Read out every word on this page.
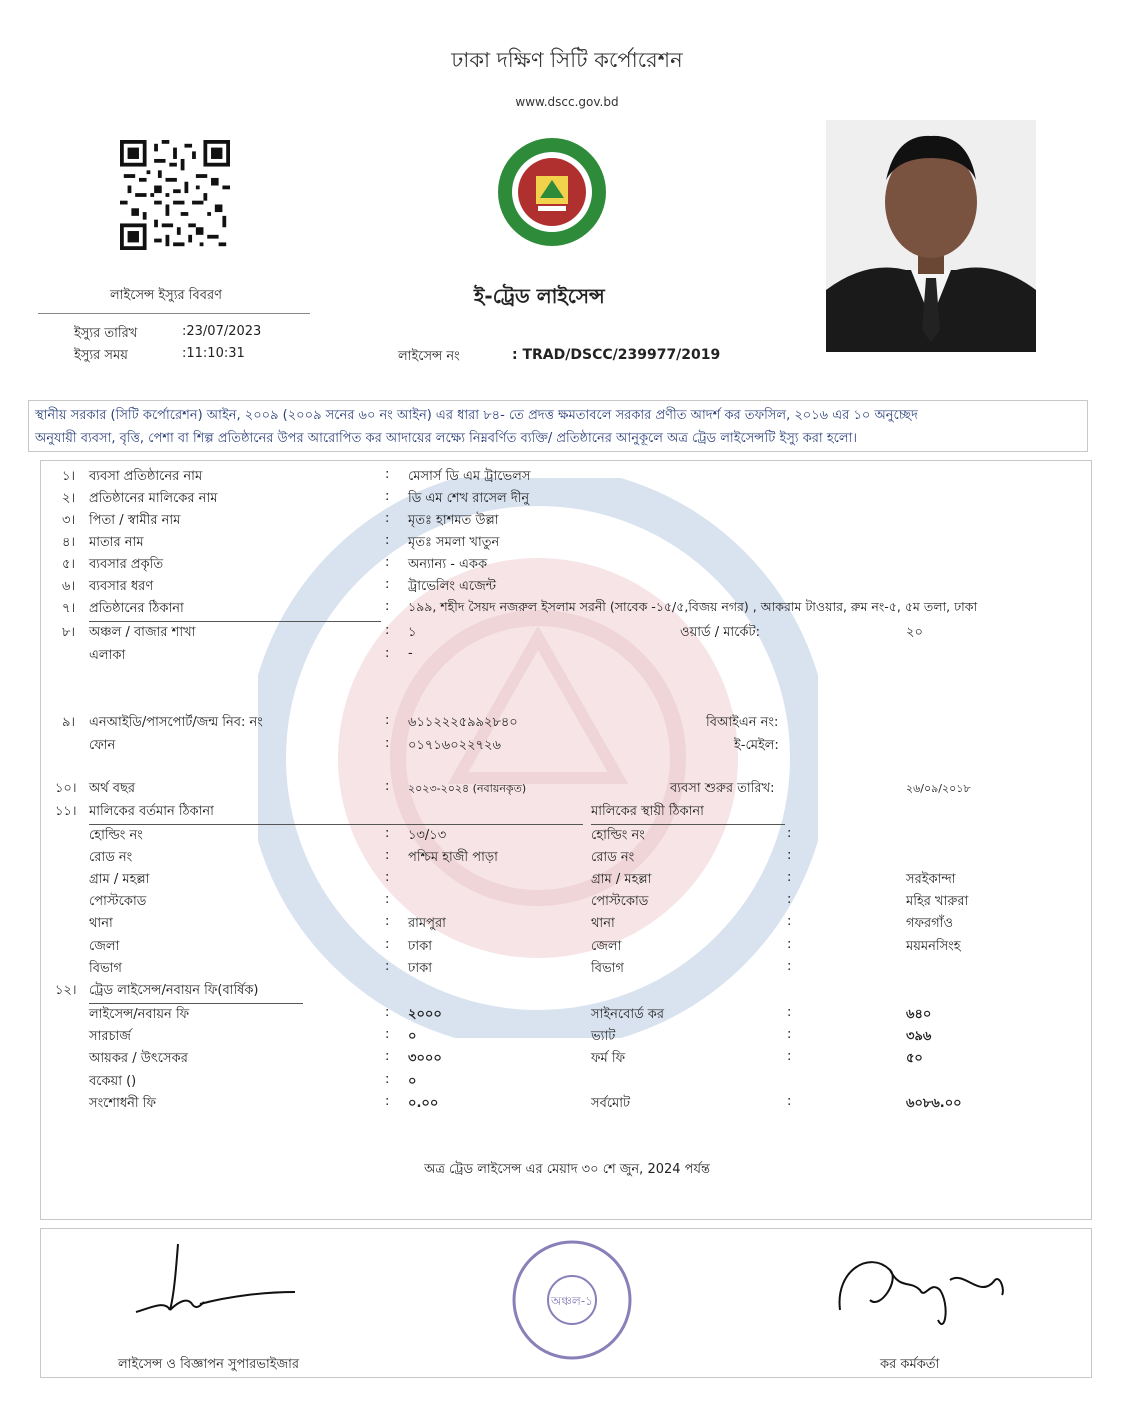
ঢাকা দক্ষিণ সিটি কর্পোরেশন
www.dscc.gov.bd
লাইসেন্স ইস্যুর বিবরণ
ইস্যুর তারিখ	:23/07/2023
ইস্যুর সময়	:11:10:31
ই-ট্রেড লাইসেন্স
লাইসেন্স নং	: TRAD/DSCC/239977/2019
স্থানীয় সরকার (সিটি কর্পোরেশন) আইন, ২০০৯ (২০০৯ সনের ৬০ নং আইন) এর ধারা ৮৪- তে প্রদত্ত ক্ষমতাবলে সরকার প্রণীত আদর্শ কর তফসিল, ২০১৬ এর ১০ অনুচ্ছেদ
অনুযায়ী ব্যবসা, বৃত্তি, পেশা বা শিল্প প্রতিষ্ঠানের উপর আরোপিত কর আদায়ের লক্ষ্যে নিম্নবর্ণিত ব্যক্তি/ প্রতিষ্ঠানের আনুকূলে অত্র ট্রেড লাইসেন্সটি ইস্যু করা হলো।
১। ব্যবসা প্রতিষ্ঠানের নাম	: মেসার্স ডি এম ট্রাভেলস
২। প্রতিষ্ঠানের মালিকের নাম	: ডি এম শেখ রাসেল দীনু
৩। পিতা / স্বামীর নাম	: মৃতঃ হাশমত উল্লা
৪। মাতার নাম	: মৃতঃ সমলা খাতুন
৫। ব্যবসার প্রকৃতি	: অন্যান্য - একক
৬। ব্যবসার ধরণ	: ট্রাভেলিং এজেন্ট
৭। প্রতিষ্ঠানের ঠিকানা	: ১৯৯, শহীদ সৈয়দ নজরুল ইসলাম সরনী (সাবেক -১৫/৫,বিজয় নগর) , আকরাম টাওয়ার, রুম নং-৫, ৫ম তলা, ঢাকা
৮। অঞ্চল / বাজার শাখা	: ১	ওয়ার্ড / মার্কেট:	২০
এলাকা	: -
৯। এনআইডি/পাসপোর্ট/জন্ম নিব: নং	: ৬১১২২২৫৯৯২৮৪০	বিআইএন নং:
ফোন	: ০১৭১৬০২২৭২৬	ই-মেইল:
১০। অর্থ বছর	: ২০২৩-২০২৪ (নবায়নকৃত)	ব্যবসা শুরুর তারিখ:	২৬/০৯/২০১৮
১১। মালিকের বর্তমান ঠিকানা	মালিকের স্থায়ী ঠিকানা
হোল্ডিং নং	: ১৩/১৩	হোল্ডিং নং	:
রোড নং	: পশ্চিম হাজী পাড়া	রোড নং	:
গ্রাম / মহল্লা	:	গ্রাম / মহল্লা	:	সরইকান্দা
পোস্টকোড	:	পোস্টকোড	:	মহির খারুরা
থানা	: রামপুরা	থানা	:	গফরগাঁও
জেলা	: ঢাকা	জেলা	:	ময়মনসিংহ
বিভাগ	: ঢাকা	বিভাগ	:
১২। ট্রেড লাইসেন্স/নবায়ন ফি(বার্ষিক)
লাইসেন্স/নবায়ন ফি	: ২০০০	সাইনবোর্ড কর	:	৬৪০
সারচার্জ	: ০	ভ্যাট	:	৩৯৬
আয়কর / উৎসেকর	: ৩০০০	ফর্ম ফি	:	৫০
বকেয়া ()	: ০
সংশোধনী ফি	: ০.০০	সর্বমোট	:	৬০৮৬.০০
অত্র ট্রেড লাইসেন্স এর মেয়াদ ৩০ শে জুন, 2024 পর্যন্ত
লাইসেন্স ও বিজ্ঞাপন সুপারভাইজার
অঞ্চল-১
কর কর্মকর্তা
